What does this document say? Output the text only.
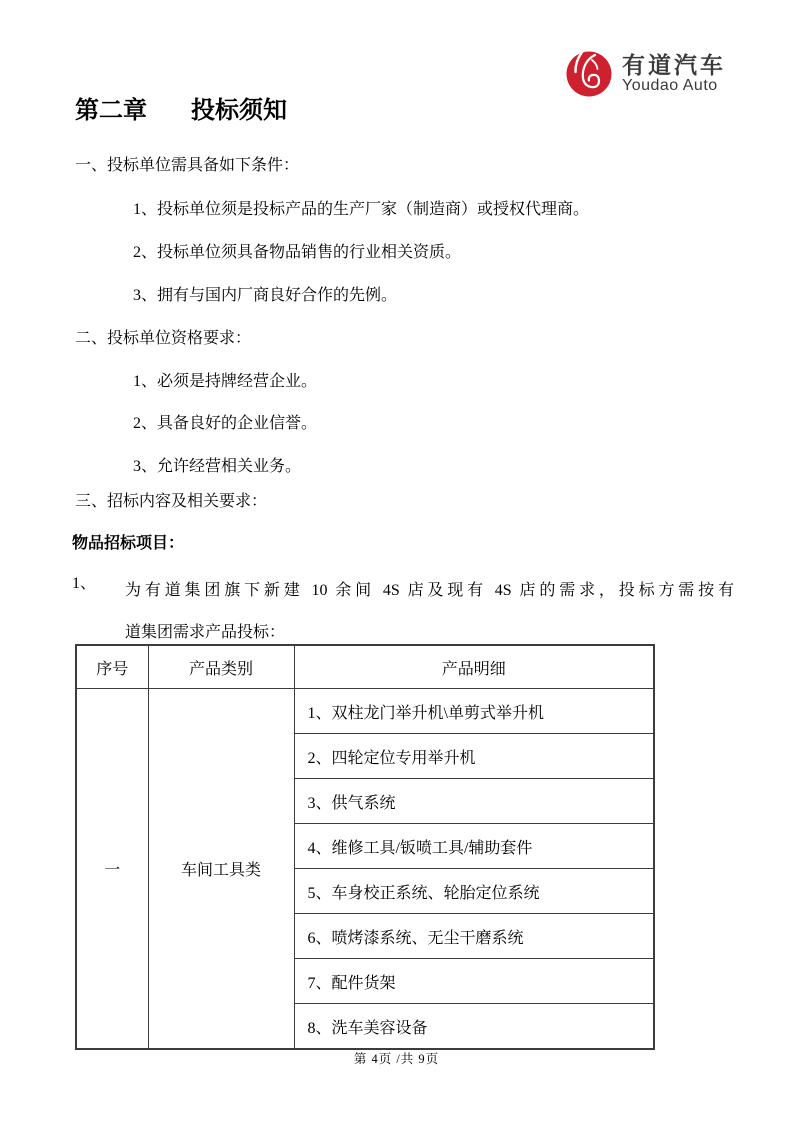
有道汽车
Youdao Auto
第二章 投标须知
一、投标单位需具备如下条件：
1、投标单位须是投标产品的生产厂家（制造商）或授权代理商。
2、投标单位须具备物品销售的行业相关资质。
3、拥有与国内厂商良好合作的先例。
二、投标单位资格要求：
1、必须是持牌经营企业。
2、具备良好的企业信誉。
3、允许经营相关业务。
三、招标内容及相关要求：
物品招标项目：
1、 为有道集团旗下新建 10 余间 4S 店及现有 4S 店的需求，投标方需按有
道集团需求产品投标：
序号	产品类别	产品明细
一	车间工具类	1、双柱龙门举升机\单剪式举升机
		2、四轮定位专用举升机
		3、供气系统
		4、维修工具/钣喷工具/辅助套件
		5、车身校正系统、轮胎定位系统
		6、喷烤漆系统、无尘干磨系统
		7、配件货架
		8、洗车美容设备
第 4页 /共 9页
